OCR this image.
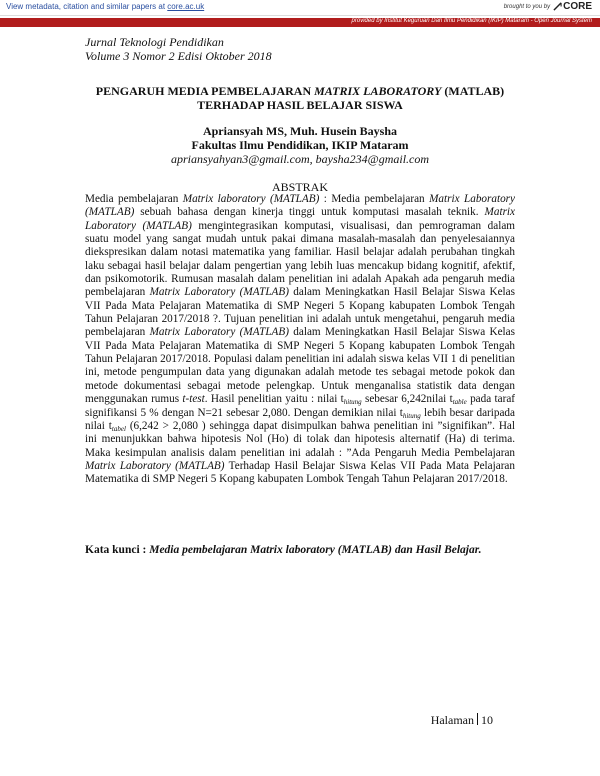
View metadata, citation and similar papers at core.ac.uk	brought to you by CORE
provided by Institut Keguruan Dan Ilmu Pendidikan (IKIP) Mataram - Open Journal System
Jurnal Teknologi Pendidikan
Volume 3 Nomor 2 Edisi Oktober 2018
PENGARUH MEDIA PEMBELAJARAN MATRIX LABORATORY (MATLAB)
TERHADAP HASIL BELAJAR SISWA
Apriansyah MS, Muh. Husein Baysha
Fakultas Ilmu Pendidikan, IKIP Mataram
apriansyahyan3@gmail.com, baysha234@gmail.com
ABSTRAK

Media pembelajaran Matrix laboratory (MATLAB) : Media pembelajaran Matrix Laboratory (MATLAB) sebuah bahasa dengan kinerja tinggi untuk komputasi masalah teknik. Matrix Laboratory (MATLAB) mengintegrasikan komputasi, visualisasi, dan pemrograman dalam suatu model yang sangat mudah untuk pakai dimana masalah-masalah dan penyelesaiannya diekspresikan dalam notasi matematika yang familiar. Hasil belajar adalah perubahan tingkah laku sebagai hasil belajar dalam pengertian yang lebih luas mencakup bidang kognitif, afektif, dan psikomotorik. Rumusan masalah dalam penelitian ini adalah Apakah ada pengaruh media pembelajaran Matrix Laboratory (MATLAB) dalam Meningkatkan Hasil Belajar Siswa Kelas VII Pada Mata Pelajaran Matematika di SMP Negeri 5 Kopang kabupaten Lombok Tengah Tahun Pelajaran 2017/2018 ?. Tujuan penelitian ini adalah untuk mengetahui, pengaruh media pembelajaran Matrix Laboratory (MATLAB) dalam Meningkatkan Hasil Belajar Siswa Kelas VII Pada Mata Pelajaran Matematika di SMP Negeri 5 Kopang kabupaten Lombok Tengah Tahun Pelajaran 2017/2018. Populasi dalam penelitian ini adalah siswa kelas VII 1 di penelitian ini, metode pengumpulan data yang digunakan adalah metode tes sebagai metode pokok dan metode dokumentasi sebagai metode pelengkap. Untuk menganalisa statistik data dengan menggunakan rumus t-test. Hasil penelitian yaitu : nilai $t_{hitung}$ sebesar 6,242nilai $t_{table}$ pada taraf signifikansi 5 % dengan N=21 sebesar 2,080. Dengan demikian nilai $t_{hitung}$ lebih besar daripada nilai $t_{tabel}$ (6,242 > 2,080 ) sehingga dapat disimpulkan bahwa penelitian ini ”signifikan”. Hal ini menunjukkan bahwa hipotesis Nol (Ho) di tolak dan hipotesis alternatif (Ha) di terima. Maka kesimpulan analisis dalam penelitian ini adalah : ”Ada Pengaruh Media Pembelajaran Matrix Laboratory (MATLAB) Terhadap Hasil Belajar Siswa Kelas VII Pada Mata Pelajaran Matematika di SMP Negeri 5 Kopang kabupaten Lombok Tengah Tahun Pelajaran 2017/2018.

Kata kunci : Media pembelajaran Matrix laboratory (MATLAB) dan Hasil Belajar.
Halaman 10
